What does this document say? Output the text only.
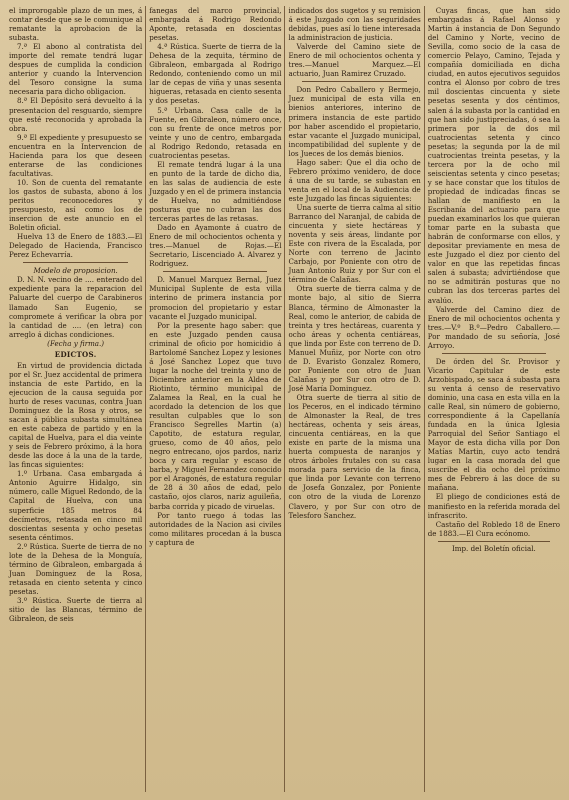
el improrogable plazo de un mes, á contar desde que se le comunique al rematante la aprobacion de la subasta.

7.ª El abono al contratista del importe del remate tendrá lugar despues de cumplida la condicion anterior y cuando la Intervencion del Tesoro consigne la suma necesaria para dicho obligacion.

8.ª El Depósito será devuelto á la presentacion del resguardo, siempre que esté reconocida y aprobada la obra.

9.ª El expediente y presupuesto se encuentra en la Intervencion de Hacienda para los que deseen enterarse de las condiciones facultativas.

10. Son de cuenta del rematante los gastos de subasta, abono á los peritos reconocedores y presupuesto, así como los de insercion de este anuncio en el Boletin oficial.

Huelva 13 de Enero de 1883.—El Delegado de Hacienda, Francisco Perez Echevarría.

Modelo de proposicion.

D. N. N. vecino de .... enterado del expediente para la reparacion del Paluarte del cuerpo de Carabineros llamado San Eugenio, se compromete á verificar la obra por la cantidad de .... (en letra) con arreglo á dichas condiciones.

(Fecha y firma.)

EDICTOS.

En virtud de providencia dictada por el Sr. Juez accidental de primera instancia de este Partido, en la ejecucion de la causa seguida por hurto de reses vacunas, contra Juan Dominguez de la Rosa y otros, se sacan á pública subasta simultánea en este cabeza de partido y en la capital de Huelva, para el dia veinte y seis de Febrero próximo, á la hora desde las doce á la una de la tarde, las fincas siguientes:

1.º Urbana. Casa embargada á Antonio Aguirre Hidalgo, sin número, calle Miguel Redondo, de la Capital de Huelva, con una superficie 185 metros 84 decímetros, retasada en cinco mil doscientas sesenta y ocho pesetas sesenta céntimos.

2.º Rústica. Suerte de tierra de no lote de la Dehesa de la Monguía, término de Gibraleon, embargada á Juan Dominguez de la Rosa, retasada en ciento setenta y cinco pesetas.

3.º Rústica. Suerte de tierra al sitio de las Blancas, término de Gibraleon, de seis

fanegas del marco provincial, embargada á Rodrigo Redondo Aponte, retasada en doscientas pesetas.

4.ª Rústica. Suerte de tierra de la Dehesa de la zequita, término de Gibraleon, embargada al Rodrigo Redondo, conteniendo como un mil lar de cepas de viña y unas sesenta higueras, retasada en ciento sesenta y dos pesetas.

5.ª Urbana. Casa calle de la Fuente, en Gibraleon, número once, con su frente de once metros por veinte y uno de centro, embargada al Rodrigo Redondo, retasada en cuatrocientas pesetas.

El remate tendrá lugar á la una en punto de la tarde de dicho dia, en las salas de audiencia de este Juzgado y en el de primera instancia de Huelva, no admitiéndose posturas que no cubran las dos terceras partes de las retasas.

Dado en Ayamonte á cuatro de Enero de mil ochocientos ochenta y tres.—Manuel de Rojas.—El Secretario, Liscenciado A. Alvarez y Rodriguez.

D. Manuel Marquez Bernal, Juez Municipal Suplente de esta villa interino de primera instancia por promocion del propietario y estar vacante el Juzgado municipal.

Por la presente hago saber: que en este Juzgado penden causa criminal de oficio por homicidio á Bartolomé Sanchez Lopez y lesiones á José Sanchez Lopez que tuvo lugar la noche del treinta y uno de Diciembre anterior en la Aldea de Riotinto, término municipal de Zalamea la Real, en la cual he acordado la detencion de los que resultan culpables que lo son Francisco Segrelles Martin (a) Capotito, de estatura regular, grueso, como de 40 años, pelo negro entrecano, ojos pardos, nariz boca y cara regular y escaso de barba, y Miguel Fernandez conocido por el Aragonés, de estatura regular de 28 á 30 años de edad, pelo castaño, ojos claros, nariz aguileña, barba corrida y picado de viruelas.

Por tanto ruego á todas las autoridades de la Nacion asi civiles como militares procedan á la busca y captura de

indicados dos sugetos y su remision á este Juzgado con las seguridades debidas, pues así lo tiene interesada la administracion de justicia.

Valverde del Camino siete de Enero de mil ochocientos ochenta y tres.—Manuel Marquez.—El actuario, Juan Ramirez Cruzado.

Don Pedro Caballero y Bermejo, Juez municipal de esta villa en bienios anteriores, interino de primera instancia de este partido por haber ascendido el propietario, estar vacante el Juzgado municipal, incompatibilidad del suplente y de los Jueces de los demás bienios.

Hago saber: Que el dia ocho de Febrero próximo venidero, de doce á una de su tarde, se subastan en venta en el local de la Audiencia de este Juzgado las fincas siguientes:

Una suerte de tierra calma al sitio Barranco del Naranjal, de cabida de cincuenta y siete hectáreas y noventa y seis áreas, lindante por Este con rivera de la Escalada, por Norte con terreno de Jacinto Carbajo, por Poniente con otro de Juan Antonio Ruiz y por Sur con el término de Calañas.

Otra suerte de tierra calma y de monte bajo, al sitio de Sierra Blanca, término de Almonaster la Real, como le anterior, de cabida de treinta y tres hectáreas, cuarenta y ocho áreas y ochenta centiáreas, que linda por Este con terreno de D. Manuel Muñiz, por Norte con otro de D. Evaristo Gonzalez Romero, por Poniente con otro de Juan Calañas y por Sur con otro de D. José María Dominguez.

Otra suerte de tierra al sitio de los Peceros, en el indicado término de Almonaster la Real, de tres hectáreas, ochenta y seis áreas, cincuenta centiáreas, en la que existe en parte de la misma una huerta compuesta de naranjos y otros árboles frutales con su casa morada para servicio de la finca, que linda por Levante con terreno de Josefa Gonzalez, por Poniente con otro de la viuda de Lorenzo Clavero, y por Sur con otro de Telesforo Sanchez.

Cuyas fincas, que han sido embargadas á Rafael Alonso y Martin á instancia de Don Segundo del Camino y Norte, vecino de Sevilla, como socio de la casa de comercio Pelayo, Camino, Tejada y compañía domiciliada en dicha ciudad, en autos ejecutivos seguidos contra el Alonso por cobro de tres mil doscientas cincuenta y siete pesetas sesenta y dos céntimos, salen á la subasta por la cantidad en que han sido justipreciadas, ó sea la primera por la de dos mil cuatrocientas setenta y cinco pesetas; la segunda por la de mil cuatrocientas treinta pesetas, y la tercera por la de ocho mil seiscientas setenta y cinco pesetas; y se hace constar que los títulos de propiedad de indicadas fincas se hallan de manifiesto en la Escribanía del actuario para que puedan examinarlos los que quieran tomar parte en la subasta que habrán de conformarse con ellos, y depositar previamente en mesa de este Juzgado el diez por ciento del valor en que las repetidas fincas salen á subasta; advirtiéndose que no se admitirán posturas que no cubran las dos terceras partes del avalúo.

Valverde del Camino diez de Enero de mil ochocientos ochenta y tres.—V.º B.º—Pedro Caballero.—Por mandado de su señoría, José Arroyo.

De órden del Sr. Provisor y Vicario Capitular de este Arzobispado, se saca á subasta para su venta á censo de reservativo dominio, una casa en esta villa en la calle Real, sin número de gobierno, correspondiente á la Capellanía fundada en la única Iglesia Parroquial del Señor Santiago el Mayor de esta dicha villa por Don Matías Martin, cuyo acto tendrá lugar en la casa morada del que suscribe el dia ocho del próximo mes de Febrero á las doce de su mañana.

El pliego de condiciones está de manifiesto en la referida morada del infrascrito.

Castaño del Robledo 18 de Enero de 1883.—El Cura ecónomo.

Imp. del Boletín oficial.
